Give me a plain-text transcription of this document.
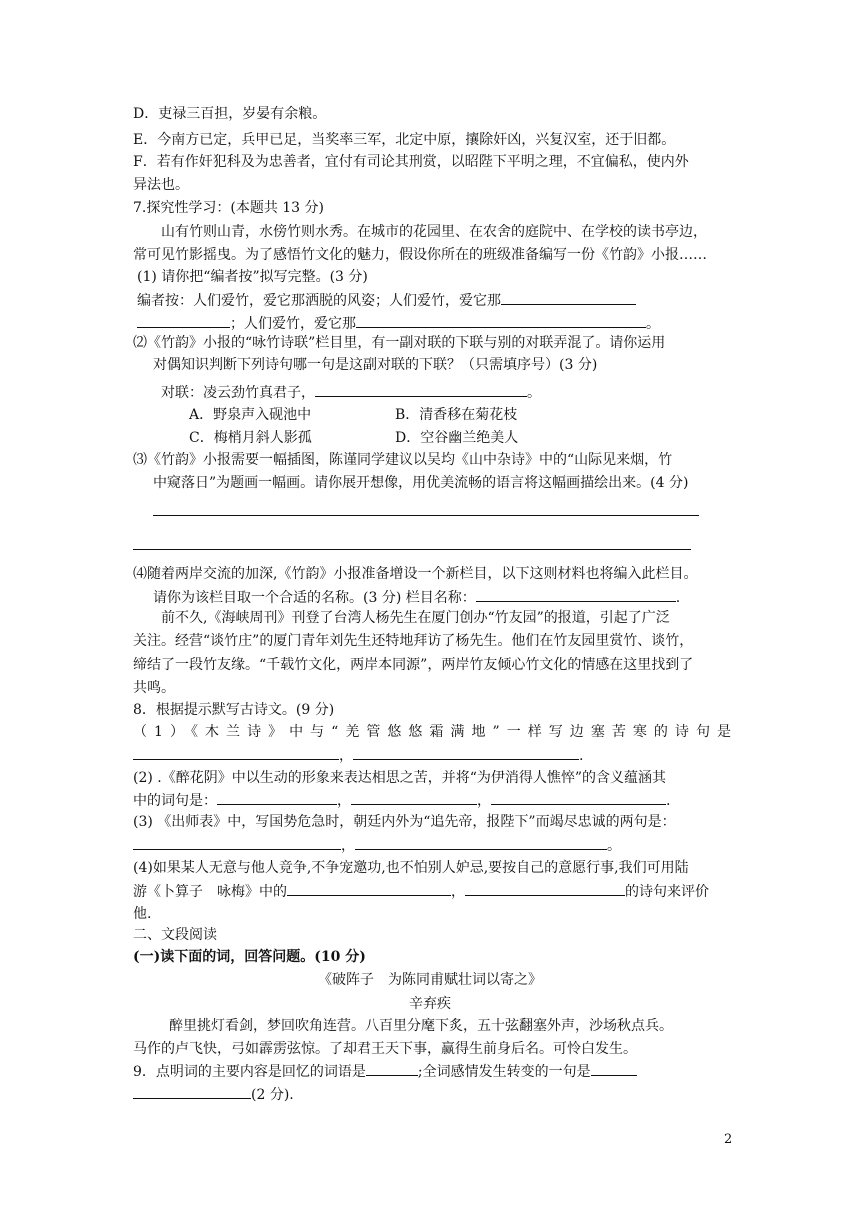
D．吏禄三百担，岁晏有余粮。
E．今南方已定，兵甲已足，当奖率三军，北定中原，攘除奸凶，兴复汉室，还于旧都。
F．若有作奸犯科及为忠善者，宜付有司论其刑赏，以昭陛下平明之理，不宜偏私，使内外
异法也。
7.探究性学习：(本题共 13 分)
山有竹则山青，水傍竹则水秀。在城市的花园里、在农舍的庭院中、在学校的读书亭边，
常可见竹影摇曳。为了感悟竹文化的魅力，假设你所在的班级准备编写一份《竹韵》小报……
(1) 请你把“编者按”拟写完整。(3 分)
编者按：人们爱竹，爱它那洒脱的风姿；人们爱竹，爱它那
；人们爱竹，爱它那	。
⑵《竹韵》小报的“咏竹诗联”栏目里，有一副对联的下联与别的对联弄混了。请你运用
对偶知识判断下列诗句哪一句是这副对联的下联？（只需填序号）(3 分)
对联：凌云劲竹真君子，	。
A．野泉声入砚池中	B．清香移在菊花枝
C．梅梢月斜人影孤	D．空谷幽兰绝美人
⑶《竹韵》小报需要一幅插图，陈谨同学建议以吴均《山中杂诗》中的“山际见来烟，竹
中窥落日”为题画一幅画。请你展开想像，用优美流畅的语言将这幅画描绘出来。(4 分)
⑷随着两岸交流的加深,《竹韵》小报准备增设一个新栏目，以下这则材料也将编入此栏目。
请你为该栏目取一个合适的名称。(3 分) 栏目名称：	.
前不久,《海峡周刊》刊登了台湾人杨先生在厦门创办“竹友园”的报道，引起了广泛
关注。经营“谈竹庄”的厦门青年刘先生还特地拜访了杨先生。他们在竹友园里赏竹、谈竹，
缔结了一段竹友缘。“千载竹文化，两岸本同源”，两岸竹友倾心竹文化的情感在这里找到了
共鸣。
8．根据提示默写古诗文。(9 分)
（1）《木兰诗》中与“羌管悠悠霜满地”一样写边塞苦寒的诗句是
，	.
(2) .《醉花阴》中以生动的形象来表达相思之苦，并将“为伊消得人憔悴”的含义蕴涵其
中的词句是：	，	，	.
(3) 《出师表》中，写国势危急时，朝廷内外为“追先帝，报陛下”而竭尽忠诚的两句是：
，	。
(4)如果某人无意与他人竞争,不争宠邀功,也不怕别人妒忌,要按自己的意愿行事,我们可用陆
游《卜算子　咏梅》中的	，	的诗句来评价
他.
二、文段阅读
(一)读下面的词，回答问题。(10 分)
《破阵子　为陈同甫赋壮词以寄之》
辛弃疾
醉里挑灯看剑，梦回吹角连营。八百里分麾下炙，五十弦翻塞外声，沙场秋点兵。
马作的卢飞快，弓如霹雳弦惊。了却君王天下事，赢得生前身后名。可怜白发生。
9．点明词的主要内容是回忆的词语是	;全词感情发生转变的一句是
(2 分).
2
